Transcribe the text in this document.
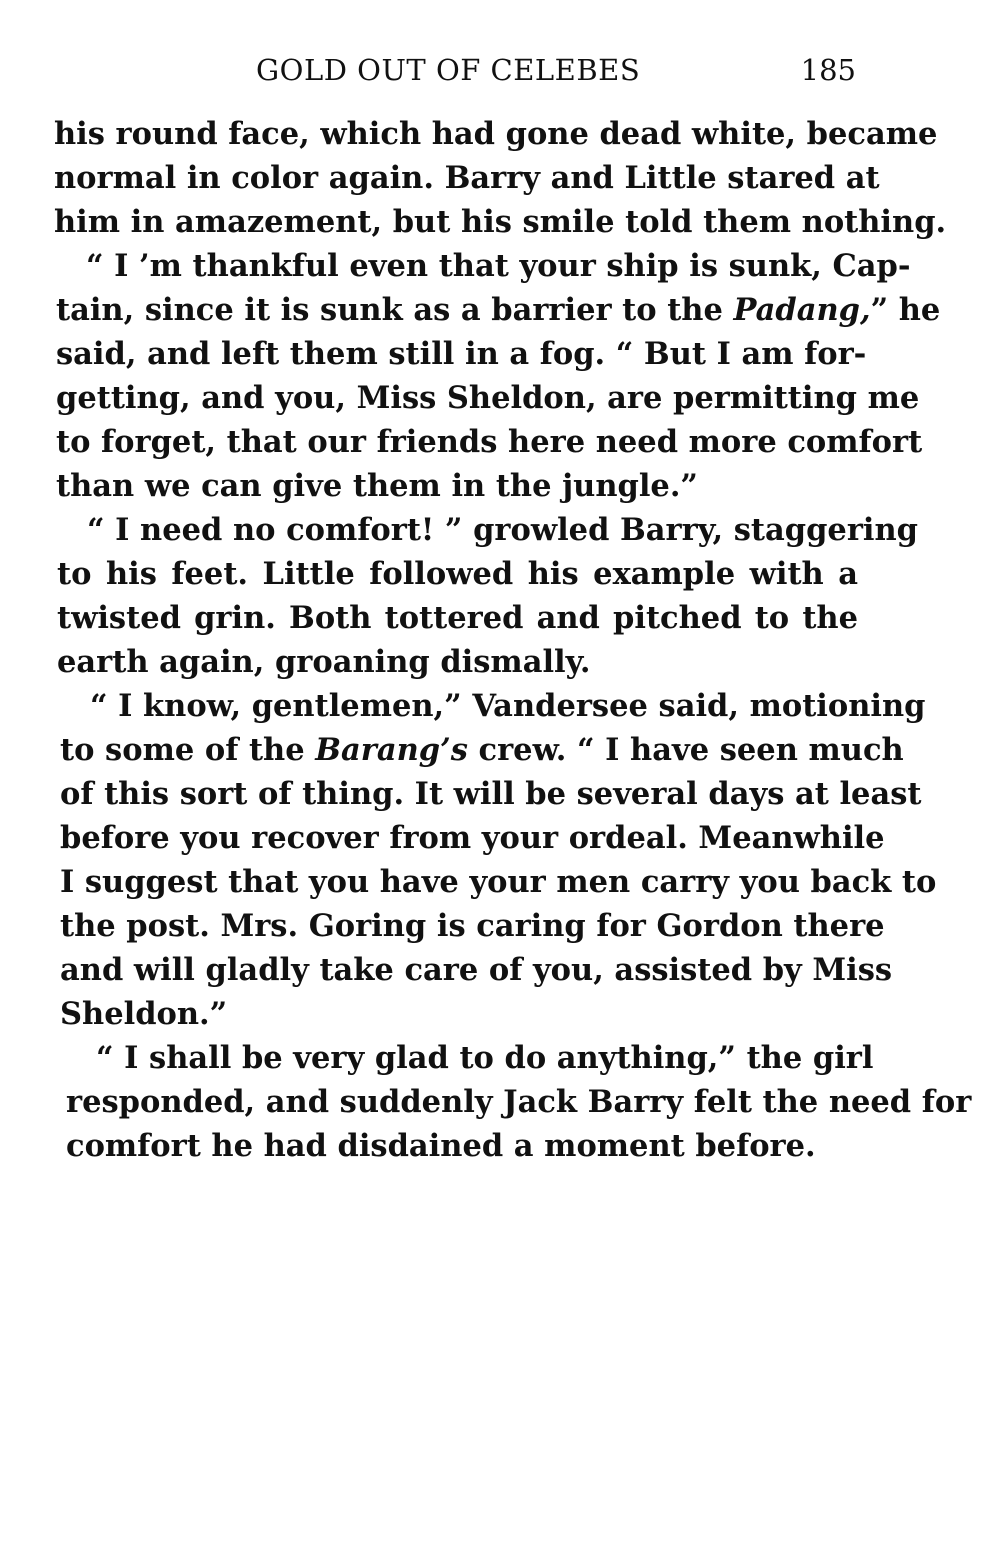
GOLD OUT OF CELEBES	185
his round face, which had gone dead white, became
normal in color again. Barry and Little stared at
him in amazement, but his smile told them nothing.
“ I ’m thankful even that your ship is sunk, Cap-
tain, since it is sunk as a barrier to the Padang,” he
said, and left them still in a fog. “ But I am for-
getting, and you, Miss Sheldon, are permitting me
to forget, that our friends here need more comfort
than we can give them in the jungle.”
“ I need no comfort! ” growled Barry, staggering
to his feet. Little followed his example with a
twisted grin. Both tottered and pitched to the
earth again, groaning dismally.
“ I know, gentlemen,” Vandersee said, motioning
to some of the Barang’s crew. “ I have seen much
of this sort of thing. It will be several days at least
before you recover from your ordeal. Meanwhile
I suggest that you have your men carry you back to
the post. Mrs. Goring is caring for Gordon there
and will gladly take care of you, assisted by Miss
Sheldon.”
“ I shall be very glad to do anything,” the girl
responded, and suddenly Jack Barry felt the need for
comfort he had disdained a moment before.
